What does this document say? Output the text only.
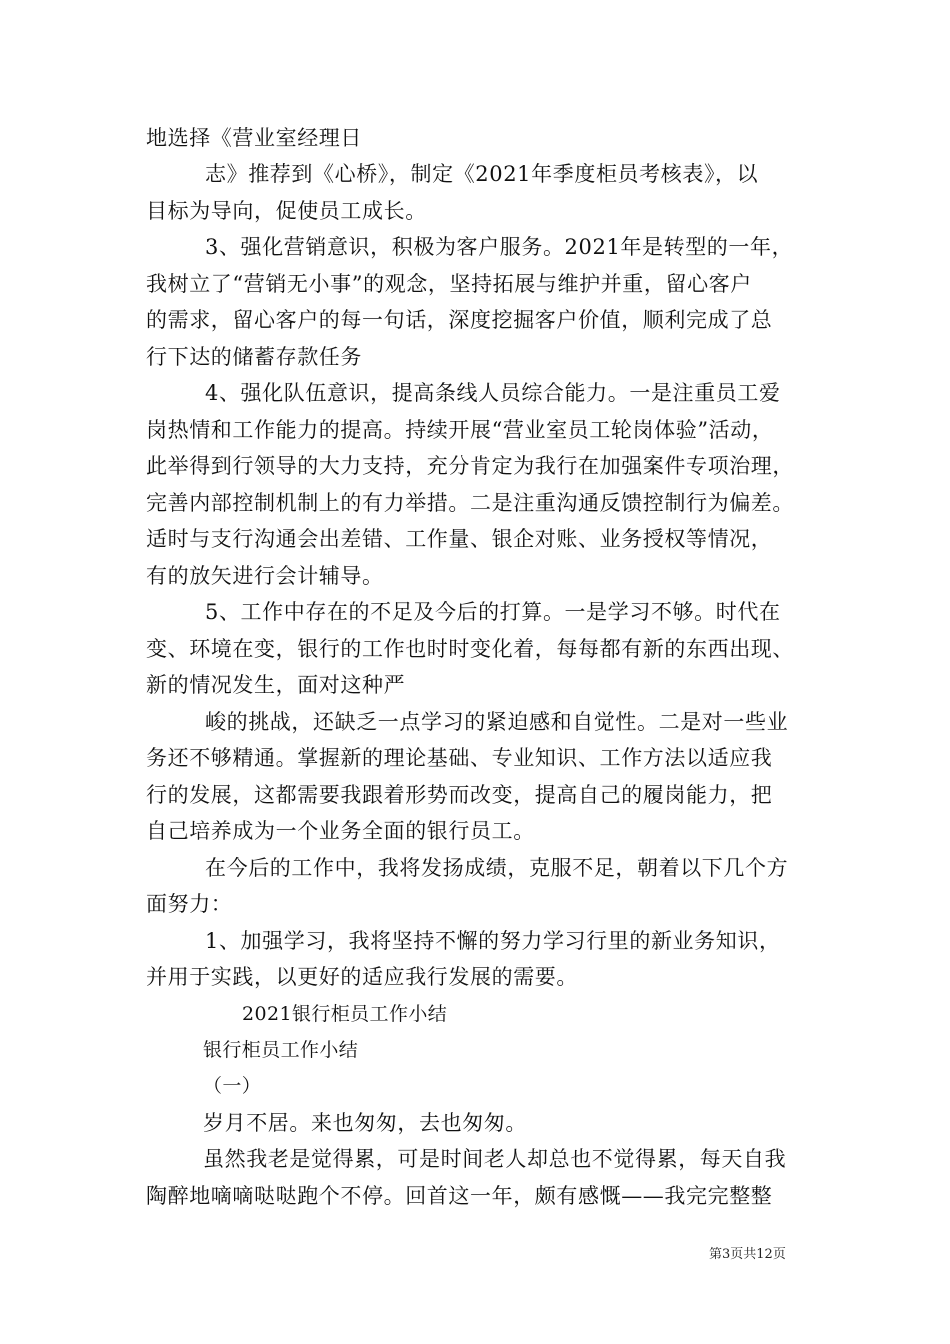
地选择《营业室经理日
志》推荐到《心桥》，制定《2021年季度柜员考核表》，以
目标为导向，促使员工成长。
3、强化营销意识，积极为客户服务。2021年是转型的一年，
我树立了“营销无小事”的观念，坚持拓展与维护并重，留心客户
的需求，留心客户的每一句话，深度挖掘客户价值，顺利完成了总
行下达的储蓄存款任务
4、强化队伍意识，提高条线人员综合能力。一是注重员工爱
岗热情和工作能力的提高。持续开展“营业室员工轮岗体验”活动，
此举得到行领导的大力支持，充分肯定为我行在加强案件专项治理，
完善内部控制机制上的有力举措。二是注重沟通反馈控制行为偏差。
适时与支行沟通会出差错、工作量、银企对账、业务授权等情况，
有的放矢进行会计辅导。
5、工作中存在的不足及今后的打算。一是学习不够。时代在
变、环境在变，银行的工作也时时变化着，每每都有新的东西出现、
新的情况发生，面对这种严
峻的挑战，还缺乏一点学习的紧迫感和自觉性。二是对一些业
务还不够精通。掌握新的理论基础、专业知识、工作方法以适应我
行的发展，这都需要我跟着形势而改变，提高自己的履岗能力，把
自己培养成为一个业务全面的银行员工。
在今后的工作中，我将发扬成绩，克服不足，朝着以下几个方
面努力：
1、加强学习，我将坚持不懈的努力学习行里的新业务知识，
并用于实践，以更好的适应我行发展的需要。
2021银行柜员工作小结
银行柜员工作小结
（一）
岁月不居。来也匆匆，去也匆匆。
虽然我老是觉得累，可是时间老人却总也不觉得累，每天自我
陶醉地嘀嘀哒哒跑个不停。回首这一年，颇有感慨——我完完整整
第3页共12页
